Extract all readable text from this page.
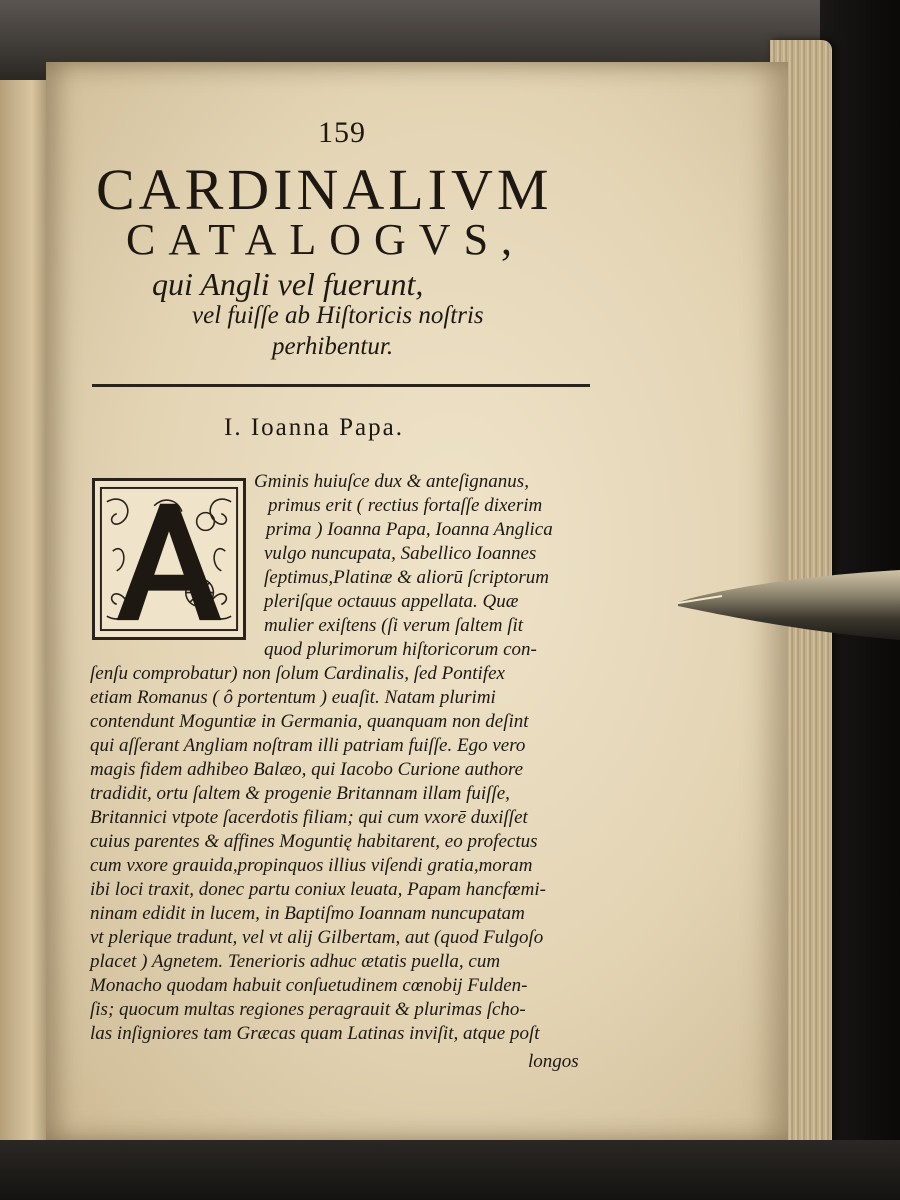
159
CARDINALIVM
CATALOGVS,
qui Angli vel fuerunt,
vel fuiſſe ab Hiſtoricis noſtris
perhibentur.
I. Ioanna Papa.
Gminis huiuſce dux & anteſignanus,
primus erit ( rectius fortaſſe dixerim
prima ) Ioanna Papa, Ioanna Anglica
vulgo nuncupata, Sabellico Ioannes
ſeptimus,Platinæ & aliorū ſcriptorum
pleriſque octauus appellata. Quæ
mulier exiſtens (ſi verum ſaltem ſit
quod plurimorum hiſtoricorum con-
ſenſu comprobatur) non ſolum Cardinalis, ſed Pontifex
etiam Romanus ( ô portentum ) euaſit. Natam plurimi
contendunt Moguntiæ in Germania, quanquam non deſint
qui aſſerant Angliam noſtram illi patriam fuiſſe. Ego vero
magis fidem adhibeo Balæo, qui Iacobo Curione authore
tradidit, ortu ſaltem & progenie Britannam illam fuiſſe,
Britannici vtpote ſacerdotis filiam; qui cum vxorē duxiſſet
cuius parentes & affines Moguntię habitarent, eo profectus
cum vxore grauida,propinquos illius viſendi gratia,moram
ibi loci traxit, donec partu coniux leuata, Papam hancfœmi-
ninam edidit in lucem, in Baptiſmo Ioannam nuncupatam
vt plerique tradunt, vel vt alij Gilbertam, aut (quod Fulgoſo
placet ) Agnetem. Tenerioris adhuc ætatis puella, cum
Monacho quodam habuit conſuetudinem cœnobij Fulden-
ſis; quocum multas regiones peragrauit & plurimas ſcho-
las inſigniores tam Græcas quam Latinas inviſit, atque poſt
longos
